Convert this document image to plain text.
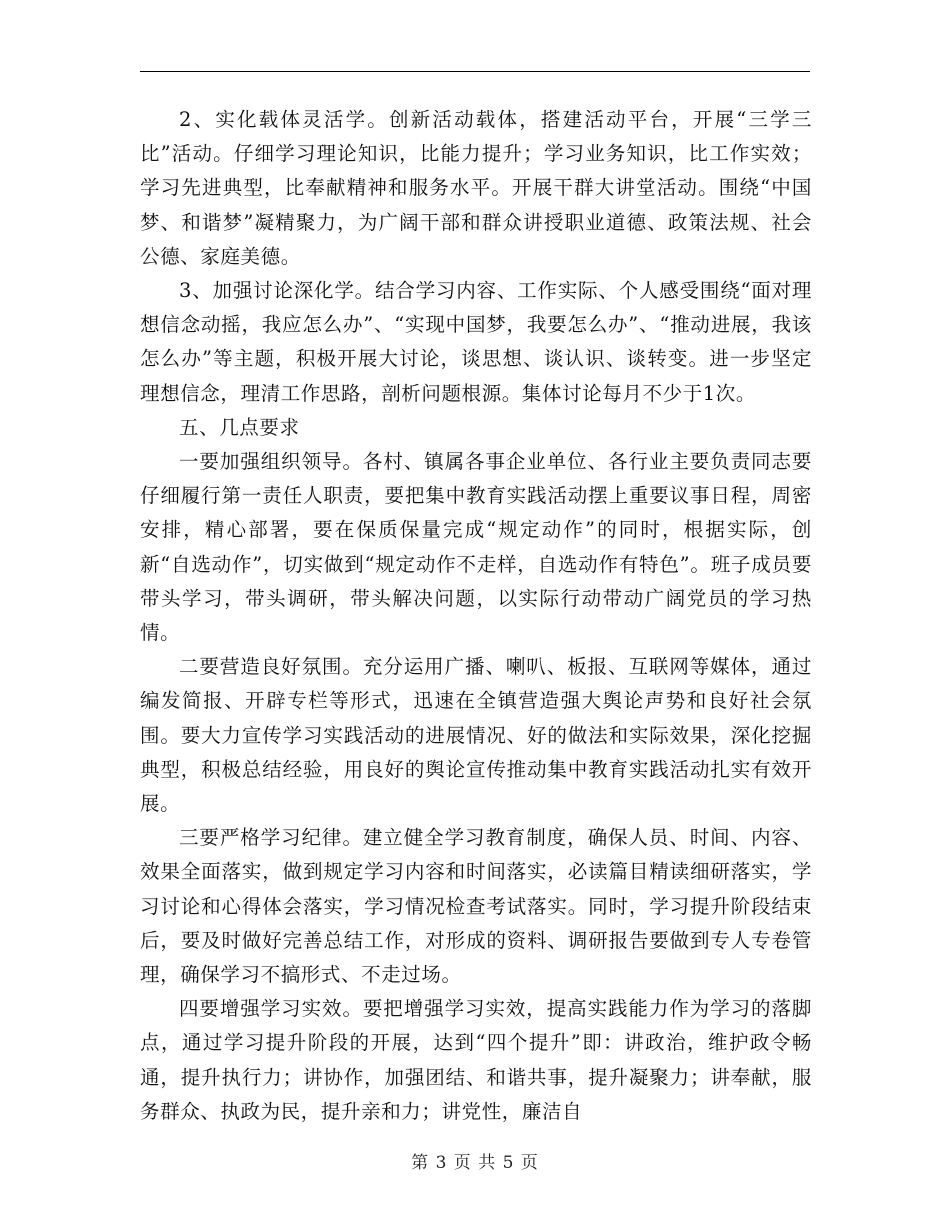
2、实化载体灵活学。创新活动载体，搭建活动平台，开展“三学三比”活动。仔细学习理论知识，比能力提升；学习业务知识，比工作实效；学习先进典型，比奉献精神和服务水平。开展干群大讲堂活动。围绕“中国梦、和谐梦”凝精聚力，为广阔干部和群众讲授职业道德、政策法规、社会公德、家庭美德。

3、加强讨论深化学。结合学习内容、工作实际、个人感受围绕“面对理想信念动摇，我应怎么办”、“实现中国梦，我要怎么办”、“推动进展，我该怎么办”等主题，积极开展大讨论，谈思想、谈认识、谈转变。进一步坚定理想信念，理清工作思路，剖析问题根源。集体讨论每月不少于1次。

五、几点要求

一要加强组织领导。各村、镇属各事企业单位、各行业主要负责同志要仔细履行第一责任人职责，要把集中教育实践活动摆上重要议事日程，周密安排，精心部署，要在保质保量完成“规定动作”的同时，根据实际，创新“自选动作”，切实做到“规定动作不走样，自选动作有特色”。班子成员要带头学习，带头调研，带头解决问题，以实际行动带动广阔党员的学习热情。

二要营造良好氛围。充分运用广播、喇叭、板报、互联网等媒体，通过编发简报、开辟专栏等形式，迅速在全镇营造强大舆论声势和良好社会氛围。要大力宣传学习实践活动的进展情况、好的做法和实际效果，深化挖掘典型，积极总结经验，用良好的舆论宣传推动集中教育实践活动扎实有效开展。

三要严格学习纪律。建立健全学习教育制度，确保人员、时间、内容、效果全面落实，做到规定学习内容和时间落实，必读篇目精读细研落实，学习讨论和心得体会落实，学习情况检查考试落实。同时，学习提升阶段结束后，要及时做好完善总结工作，对形成的资料、调研报告要做到专人专卷管理，确保学习不搞形式、不走过场。

四要增强学习实效。要把增强学习实效，提高实践能力作为学习的落脚点，通过学习提升阶段的开展，达到“四个提升”即：讲政治，维护政令畅通，提升执行力；讲协作，加强团结、和谐共事，提升凝聚力；讲奉献，服务群众、执政为民，提升亲和力；讲党性，廉洁自

第 3 页 共 5 页
